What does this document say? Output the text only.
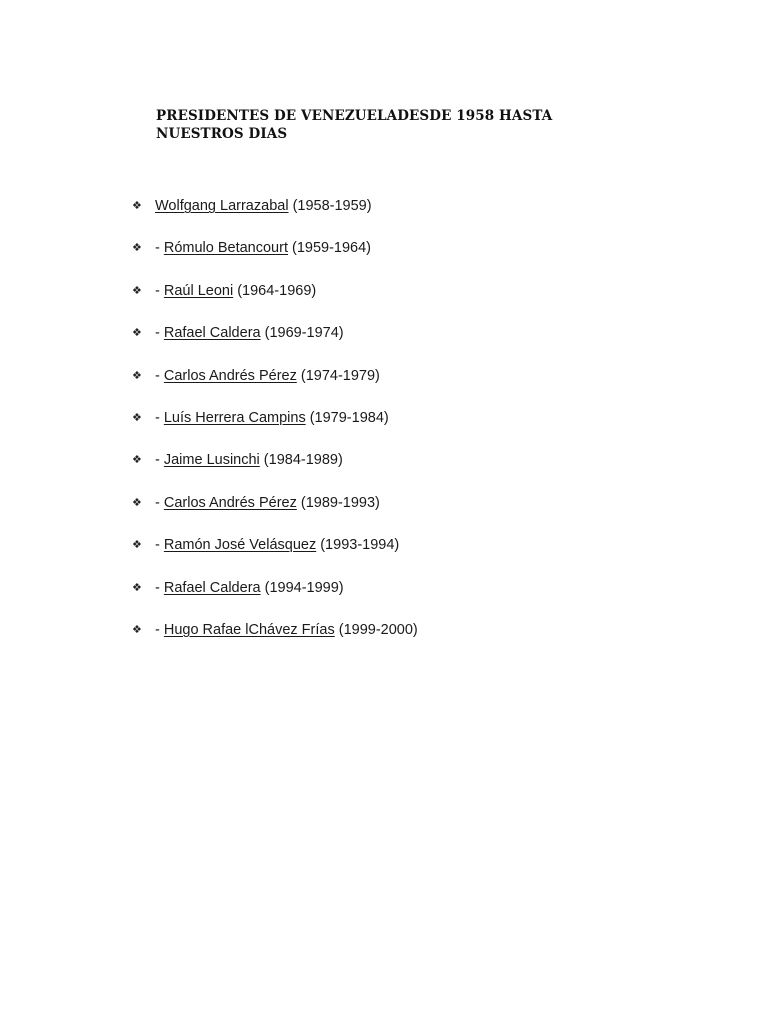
PRESIDENTES DE VENEZUELADESDE 1958 HASTA NUESTROS DIAS
❖ Wolfgang Larrazabal (1958-1959)
❖ - Rómulo Betancourt (1959-1964)
❖ - Raúl Leoni (1964-1969)
❖ - Rafael Caldera (1969-1974)
❖ - Carlos Andrés Pérez (1974-1979)
❖ - Luís Herrera Campins (1979-1984)
❖ - Jaime Lusinchi (1984-1989)
❖ - Carlos Andrés Pérez (1989-1993)
❖ - Ramón José Velásquez (1993-1994)
❖ - Rafael Caldera (1994-1999)
❖ - Hugo Rafae lChávez Frías (1999-2000)
